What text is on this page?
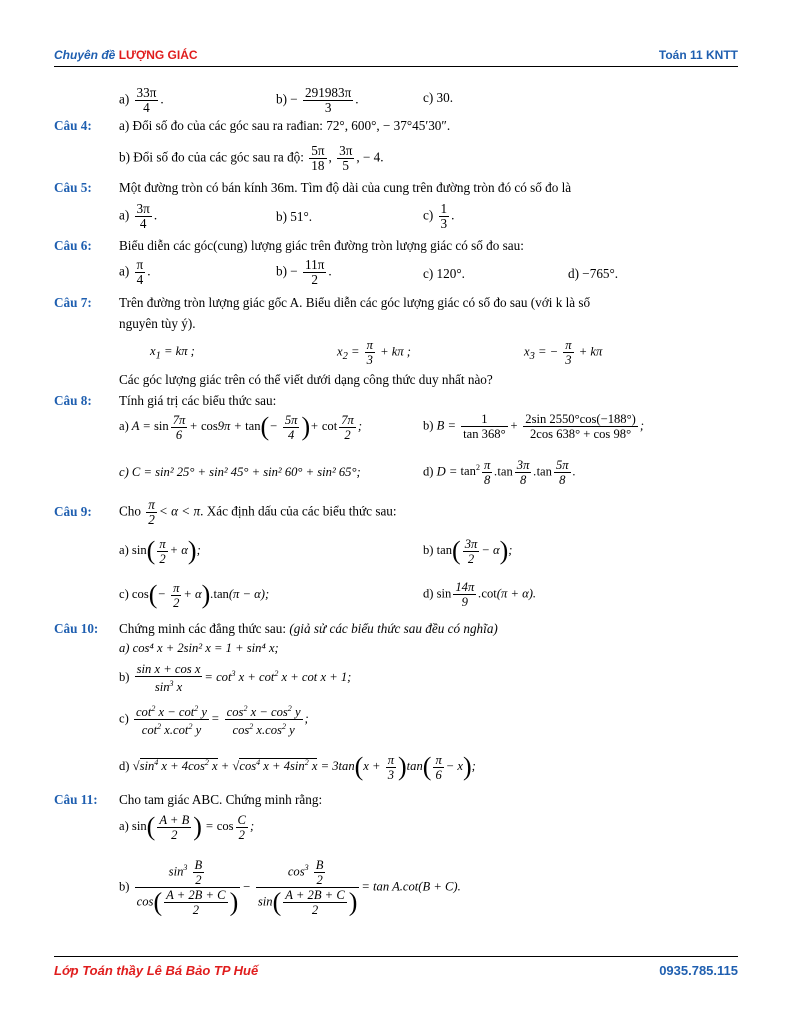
Chuyên đề LƯỢNG GIÁC	Toán 11 KNTT
$a) \frac{33\pi}{4}$ .	$b) - \frac{291983\pi}{3}$ .	c) 30.
Câu 4: a) Đổi số đo của các góc sau ra rađian: 72°, 600°, − 37°45′30″.
b) Đổi số đo của các góc sau ra độ: $\frac{5\pi}{18}$ , $\frac{3\pi}{5}$ , − 4.
Câu 5: Một đường tròn có bán kính 36m. Tìm độ dài của cung trên đường tròn đó có số đo là
$a) \frac{3\pi}{4}$ .	b) 51°.	$c) \frac{1}{3}$ .
Câu 6: Biểu diễn các góc(cung) lượng giác trên đường tròn lượng giác có số đo sau:
$a) \frac{\pi}{4}$ .	$b) - \frac{11\pi}{2}$ .	c) 120°.	d) −765°.
Câu 7: Trên đường tròn lượng giác gốc A. Biểu diễn các góc lượng giác có số đo sau (với k là số
nguyên tùy ý).
$x_1 = k\pi$ ;	$x_2 = \frac{\pi}{3} + k\pi$ ;	$x_3$ = − $\frac{\pi}{3} + k\pi$
Các góc lượng giác trên có thể viết dưới dạng công thức duy nhất nào?
Câu 8: Tính giá trị các biểu thức sau:
a) $A = \sin \frac{7\pi}{6} + \cos 9\pi + \tan(- \frac{5\pi}{4}$ )+ $\cot \frac{7\pi}{2}$ ;	b) $B = \frac{1}{\tan 368^\circ} + \frac{2\sin 2550^\circ\cos(-188^\circ)}{2\cos 638^\circ + \cos 98^\circ}$ ;
c) C = sin² 25° + sin² 45° + sin² 60° + sin² 65°;	d) $D = \tan^2 \frac{\pi}{8} .\tan \frac{3\pi}{8} .\tan \frac{5\pi}{8}$ .
Câu 9: Cho $\frac{\pi}{2} < \alpha < \pi$. Xác định dấu của các biểu thức sau:
a) $\sin( \frac{\pi}{2} + \alpha)$;	b) $\tan( \frac{3\pi}{2} - \alpha)$;
c) $\cos(- \frac{\pi}{2} + \alpha).\tan(\pi - \alpha)$;	d) $\sin \frac{14\pi}{9} .\cot(\pi + \alpha)$.
Câu 10: Chứng minh các đẳng thức sau: (giả sử các biểu thức sau đều có nghĩa)
a) cos⁴ x + 2sin² x = 1 + sin⁴ x;
$b) \frac{\text{sin x + cos x}}{\sin^3 x} = \cot^3 x + \cot^2 x + \cot x + 1$;
$c) \frac{\cot^2 x - \cot^2 y}{\cot^2 x.\cot^2 y} = \frac{\cos^2 x - \cos^2 y}{\cos^2 x.\cos^2 y}$ ;
d) $√\sin^4$ $x + 4\cos^2$ $x + √\cos^4$ $x + 4\sin^2$ $x = 3\tan(x + \frac{\pi}{3} )\tan( \frac{\pi}{6} - x)$;
Câu 11: Cho tam giác ABC. Chứng minh rằng:
a) $\sin( \frac{A + B}{2}$ ) = $\cos \frac{C}{2}$ ;
$b) \frac{\sin^3 \frac{B}{2}}{\cos( \frac{A + 2B + C}{2} )} - \frac{\cos^3 \frac{B}{2}}{\sin( \frac{A + 2B + C}{2} )} = \tan A.\cot(B + C)$.
Lớp Toán thầy Lê Bá Bảo TP Huế	0935.785.115
